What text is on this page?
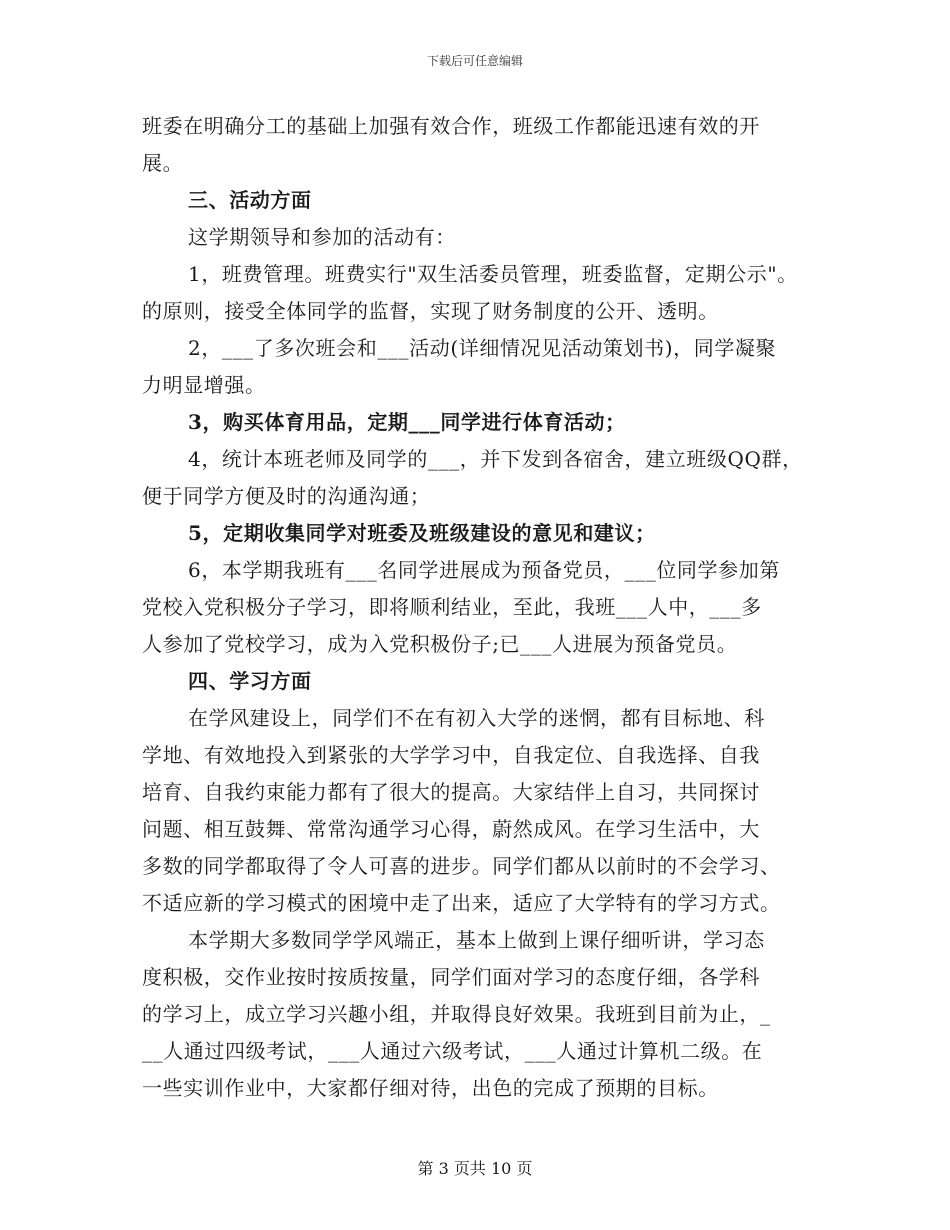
下载后可任意编辑
班委在明确分工的基础上加强有效合作，班级工作都能迅速有效的开
展。
三、活动方面
这学期领导和参加的活动有：
1，班费管理。班费实行"双生活委员管理，班委监督，定期公示"。
的原则，接受全体同学的监督，实现了财务制度的公开、透明。
2，___了多次班会和___活动(详细情况见活动策划书)，同学凝聚
力明显增强。
3，购买体育用品，定期___同学进行体育活动；
4，统计本班老师及同学的___，并下发到各宿舍，建立班级QQ群，
便于同学方便及时的沟通沟通；
5，定期收集同学对班委及班级建设的意见和建议；
6，本学期我班有___名同学进展成为预备党员，___位同学参加第
党校入党积极分子学习，即将顺利结业，至此，我班___人中，___多
人参加了党校学习，成为入党积极份子;已___人进展为预备党员。
四、学习方面
在学风建设上，同学们不在有初入大学的迷惘，都有目标地、科
学地、有效地投入到紧张的大学学习中，自我定位、自我选择、自我
培育、自我约束能力都有了很大的提高。大家结伴上自习，共同探讨
问题、相互鼓舞、常常沟通学习心得，蔚然成风。在学习生活中，大
多数的同学都取得了令人可喜的进步。同学们都从以前时的不会学习、
不适应新的学习模式的困境中走了出来，适应了大学特有的学习方式。
本学期大多数同学学风端正，基本上做到上课仔细听讲，学习态
度积极，交作业按时按质按量，同学们面对学习的态度仔细，各学科
的学习上，成立学习兴趣小组，并取得良好效果。我班到目前为止，_
__人通过四级考试，___人通过六级考试，___人通过计算机二级。在
一些实训作业中，大家都仔细对待，出色的完成了预期的目标。
第 3 页共 10 页
